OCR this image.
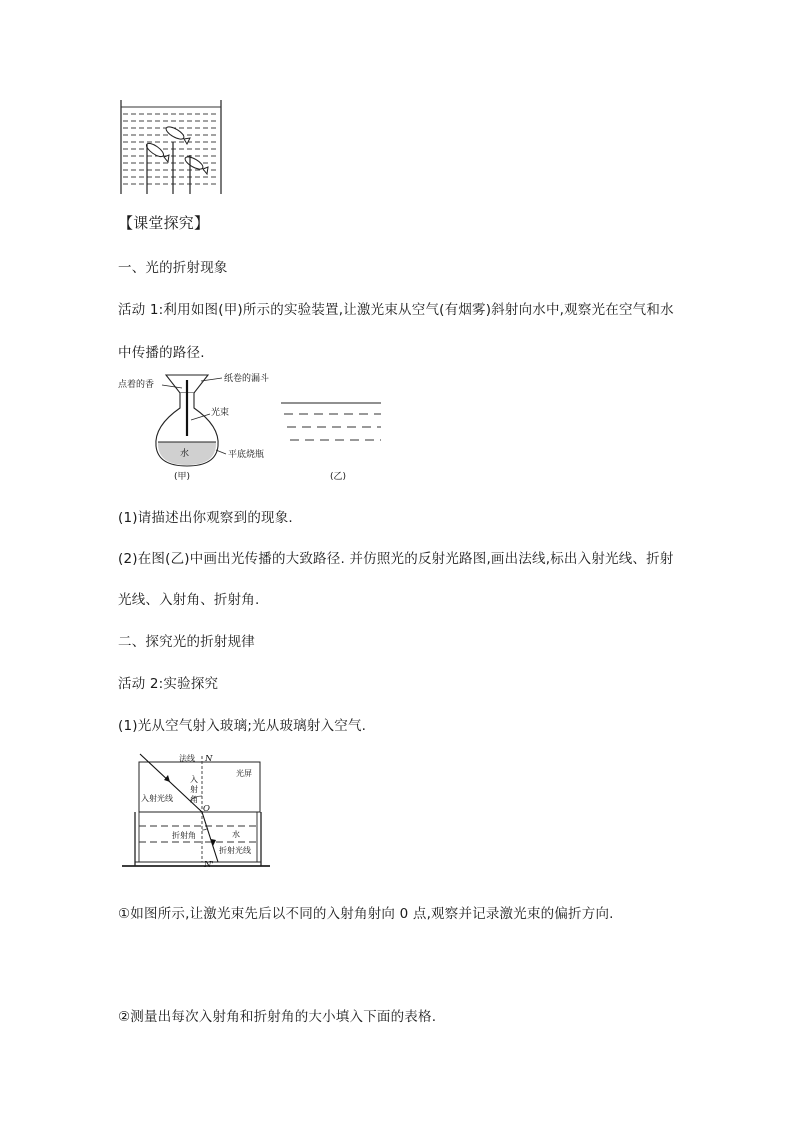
【课堂探究】
一、光的折射现象
活动 1:利用如图(甲)所示的实验装置,让激光束从空气(有烟雾)斜射向水中,观察光在空气和水
中传播的路径.
点着的香
纸卷的漏斗
光束
平底烧瓶
水
(甲)	(乙)
(1)请描述出你观察到的现象.
(2)在图(乙)中画出光传播的大致路径. 并仿照光的反射光路图,画出法线,标出入射光线、折射
光线、入射角、折射角.
二、探究光的折射规律
活动 2:实验探究
(1)光从空气射入玻璃;光从玻璃射入空气.
法线 N
光屏
入
射
角
入射光线
O
水
折射角
折射光线
N'
①如图所示,让激光束先后以不同的入射角射向 0 点,观察并记录激光束的偏折方向.
②测量出每次入射角和折射角的大小填入下面的表格.
